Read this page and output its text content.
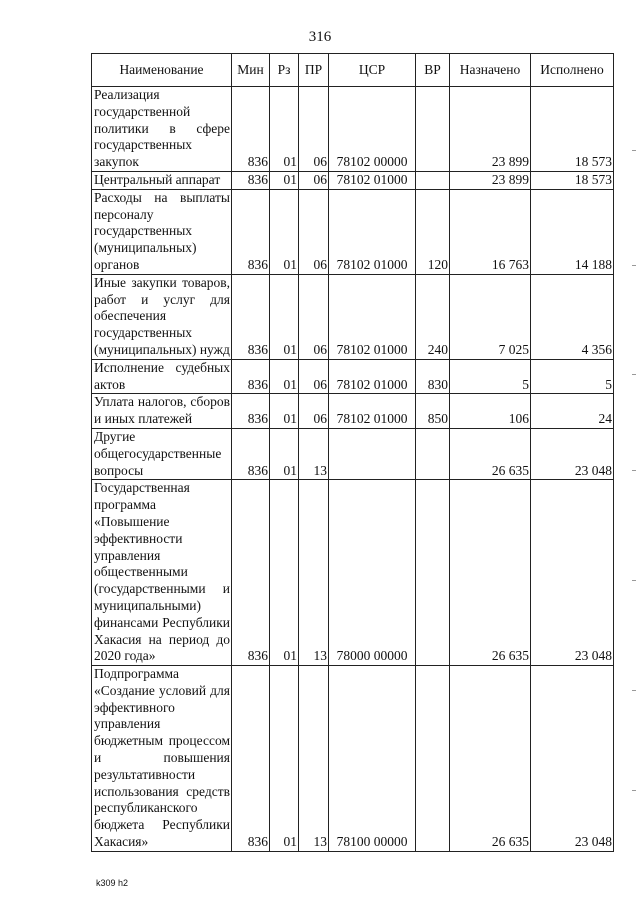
316
Наименование	Мин	Рз	ПР	ЦСР	ВР	Назначено	Исполнено
Реализация государственной политики в сфере государственных закупок	836	01	06	78102 00000		23 899	18 573
Центральный аппарат	836	01	06	78102 01000		23 899	18 573
Расходы на выплаты персоналу государственных (муниципальных) органов	836	01	06	78102 01000	120	16 763	14 188
Иные закупки товаров, работ и услуг для обеспечения государственных (муниципальных) нужд	836	01	06	78102 01000	240	7 025	4 356
Исполнение судебных актов	836	01	06	78102 01000	830	5	5
Уплата налогов, сборов и иных платежей	836	01	06	78102 01000	850	106	24
Другие общегосударственные вопросы	836	01	13			26 635	23 048
Государственная программа «Повышение эффективности управления общественными (государственными и муниципальными) финансами Республики Хакасия на период до 2020 года»	836	01	13	78000 00000		26 635	23 048
Подпрограмма «Создание условий для эффективного управления бюджетным процессом и повышения результативности использования средств республиканского бюджета Республики Хакасия»	836	01	13	78100 00000		26 635	23 048
k309 h2
